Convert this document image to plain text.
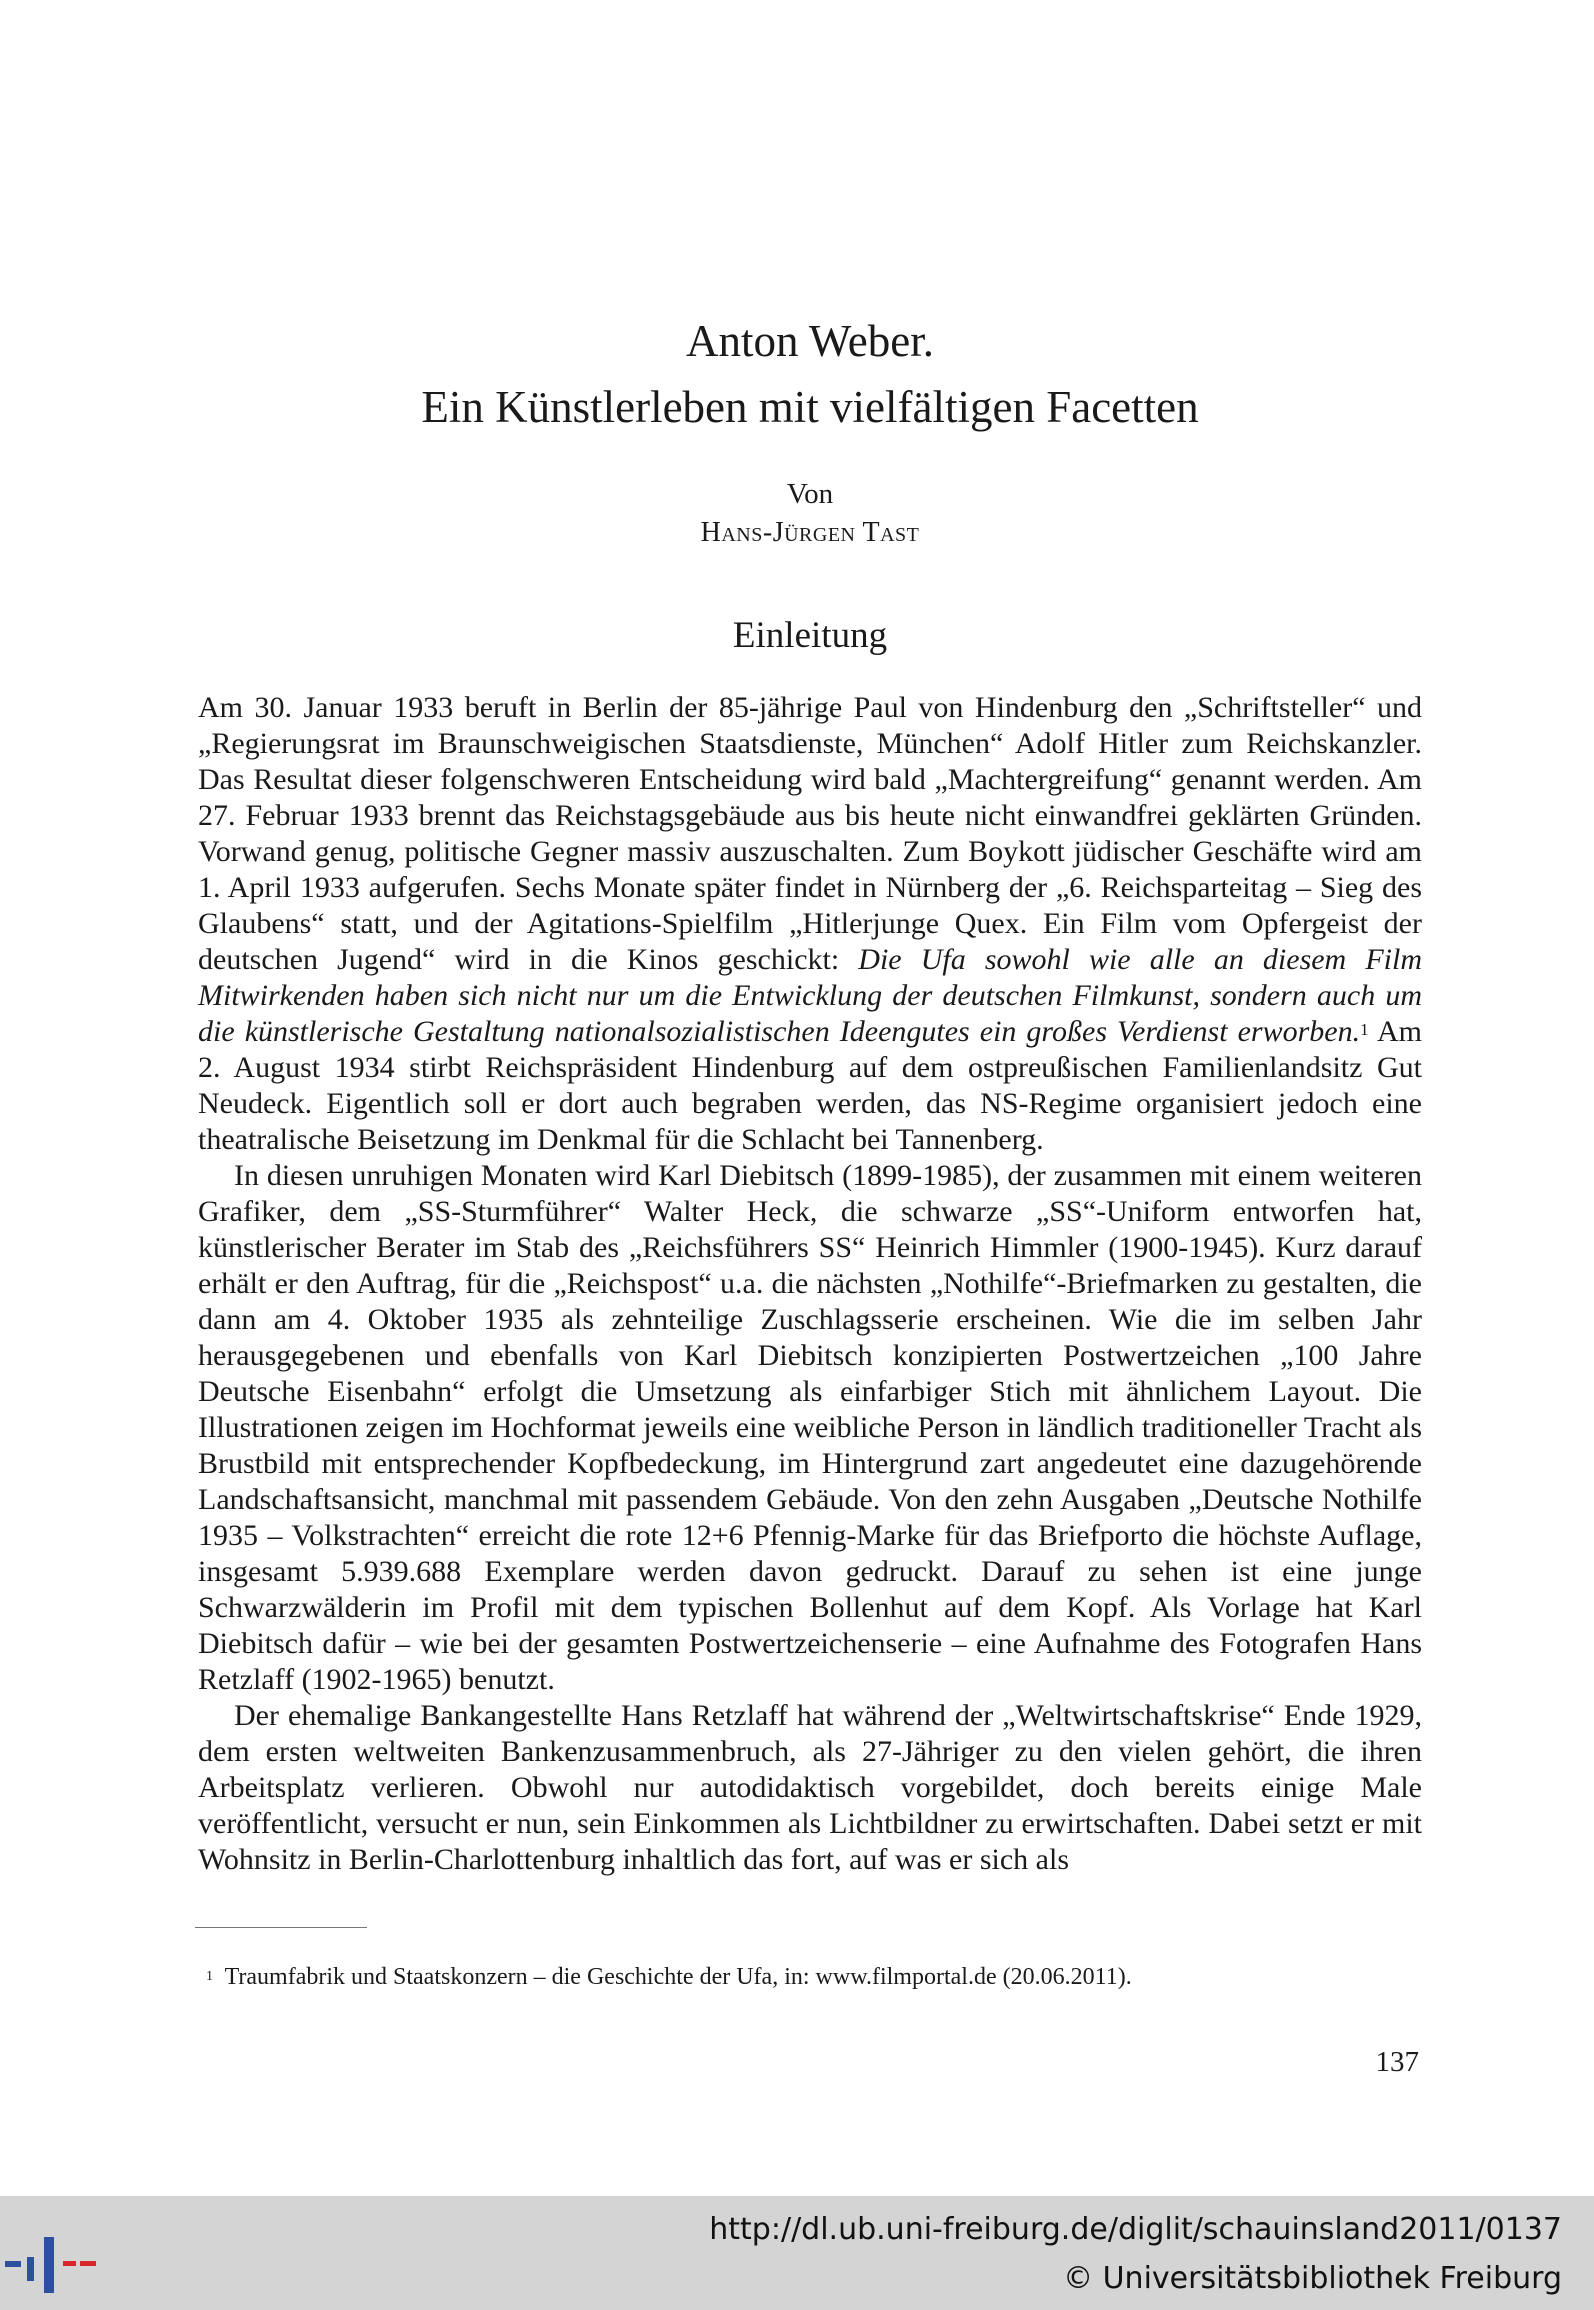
Anton Weber.
Ein Künstlerleben mit vielfältigen Facetten
Von
Hans-Jürgen Tast
Einleitung

Am 30. Januar 1933 beruft in Berlin der 85-jährige Paul von Hindenburg den „Schriftsteller“ und „Regierungsrat im Braunschweigischen Staatsdienste, München“ Adolf Hitler zum Reichskanzler. Das Resultat dieser folgenschweren Entscheidung wird bald „Machtergreifung“ genannt werden. Am 27. Februar 1933 brennt das Reichstagsgebäude aus bis heute nicht einwandfrei geklärten Gründen. Vorwand genug, politische Gegner massiv auszuschalten. Zum Boykott jüdischer Geschäfte wird am 1. April 1933 aufgerufen. Sechs Monate später findet in Nürnberg der „6. Reichsparteitag – Sieg des Glaubens“ statt, und der Agitations-Spielfilm „Hitlerjunge Quex. Ein Film vom Opfergeist der deutschen Jugend“ wird in die Kinos geschickt: Die Ufa sowohl wie alle an diesem Film Mitwirkenden haben sich nicht nur um die Entwicklung der deutschen Filmkunst, sondern auch um die künstlerische Gestaltung nationalsozialistischen Ideengutes ein großes Verdienst erworben.$^1$ Am 2. August 1934 stirbt Reichspräsident Hindenburg auf dem ostpreußischen Familienlandsitz Gut Neudeck. Eigentlich soll er dort auch begraben werden, das NS-Regime organisiert jedoch eine theatralische Beisetzung im Denkmal für die Schlacht bei Tannenberg.

In diesen unruhigen Monaten wird Karl Diebitsch (1899-1985), der zusammen mit einem weiteren Grafiker, dem „SS-Sturmführer“ Walter Heck, die schwarze „SS“-Uniform entworfen hat, künstlerischer Berater im Stab des „Reichsführers SS“ Heinrich Himmler (1900-1945). Kurz darauf erhält er den Auftrag, für die „Reichspost“ u.a. die nächsten „Nothilfe“-Briefmarken zu gestalten, die dann am 4. Oktober 1935 als zehnteilige Zuschlagsserie erscheinen. Wie die im selben Jahr herausgegebenen und ebenfalls von Karl Diebitsch konzipierten Postwertzeichen „100 Jahre Deutsche Eisenbahn“ erfolgt die Umsetzung als einfarbiger Stich mit ähnlichem Layout. Die Illustrationen zeigen im Hochformat jeweils eine weibliche Person in ländlich traditioneller Tracht als Brustbild mit entsprechender Kopfbedeckung, im Hintergrund zart angedeutet eine dazugehörende Landschaftsansicht, manchmal mit passendem Gebäude. Von den zehn Ausgaben „Deutsche Nothilfe 1935 – Volkstrachten“ erreicht die rote 12+6 Pfennig-Marke für das Briefporto die höchste Auflage, insgesamt 5.939.688 Exemplare werden davon gedruckt. Darauf zu sehen ist eine junge Schwarzwälderin im Profil mit dem typischen Bollenhut auf dem Kopf. Als Vorlage hat Karl Diebitsch dafür – wie bei der gesamten Postwertzeichenserie – eine Aufnahme des Fotografen Hans Retzlaff (1902-1965) benutzt.

Der ehemalige Bankangestellte Hans Retzlaff hat während der „Weltwirtschaftskrise“ Ende 1929, dem ersten weltweiten Bankenzusammenbruch, als 27-Jähriger zu den vielen gehört, die ihren Arbeitsplatz verlieren. Obwohl nur autodidaktisch vorgebildet, doch bereits einige Male veröffentlicht, versucht er nun, sein Einkommen als Lichtbildner zu erwirtschaften. Dabei setzt er mit Wohnsitz in Berlin-Charlottenburg inhaltlich das fort, auf was er sich als

$^1$ Traumfabrik und Staatskonzern – die Geschichte der Ufa, in: www.filmportal.de (20.06.2011).
137
http://dl.ub.uni-freiburg.de/diglit/schauinsland2011/0137
© Universitätsbibliothek Freiburg
